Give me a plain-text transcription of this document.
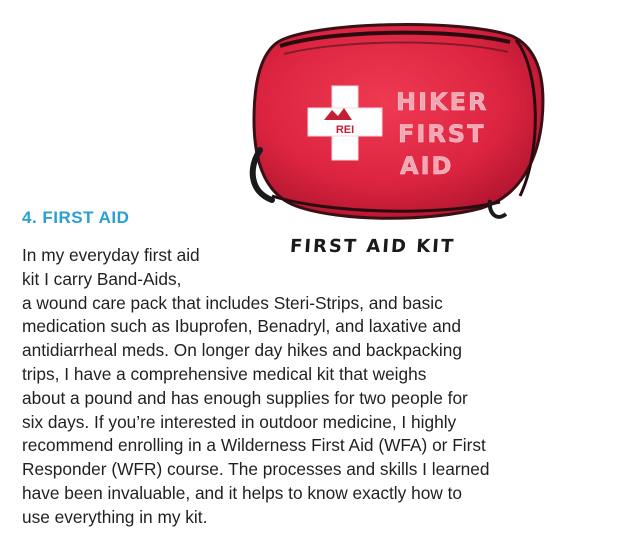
REI
HIKER
FIRST
AID
4. FIRST AID
FIRST AID KIT
In my everyday first aid
kit I carry Band-Aids,
a wound care pack that includes Steri-Strips, and basic
medication such as Ibuprofen, Benadryl, and laxative and
antidiarrheal meds. On longer day hikes and backpacking
trips, I have a comprehensive medical kit that weighs
about a pound and has enough supplies for two people for
six days. If you’re interested in outdoor medicine, I highly
recommend enrolling in a Wilderness First Aid (WFA) or First
Responder (WFR) course. The processes and skills I learned
have been invaluable, and it helps to know exactly how to
use everything in my kit.
